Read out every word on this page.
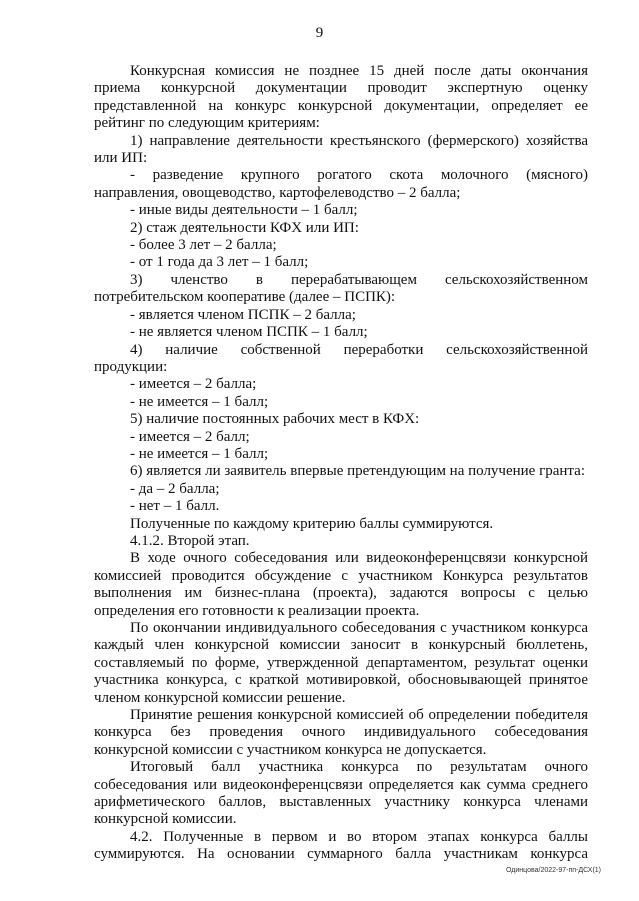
9

Конкурсная комиссия не позднее 15 дней после даты окончания приема конкурсной документации проводит экспертную оценку представленной на конкурс конкурсной документации, определяет ее рейтинг по следующим критериям:

1) направление деятельности крестьянского (фермерского) хозяйства или ИП:

- разведение крупного рогатого скота молочного (мясного) направления, овощеводство, картофелеводство – 2 балла;

- иные виды деятельности – 1 балл;

2) стаж деятельности КФХ или ИП:

- более 3 лет – 2 балла;

- от 1 года да 3 лет – 1 балл;

3) членство в перерабатывающем сельскохозяйственном потребительском кооперативе (далее – ПСПК):

- является членом ПСПК – 2 балла;

- не является членом ПСПК – 1 балл;

4) наличие собственной переработки сельскохозяйственной продукции:

- имеется – 2 балла;

- не имеется – 1 балл;

5) наличие постоянных рабочих мест в КФХ:

- имеется – 2 балл;

- не имеется – 1 балл;

6) является ли заявитель впервые претендующим на получение гранта:

- да – 2 балла;

- нет – 1 балл.

Полученные по каждому критерию баллы суммируются.

4.1.2. Второй этап.

В ходе очного собеседования или видеоконференцсвязи конкурсной комиссией проводится обсуждение с участником Конкурса результатов выполнения им бизнес-плана (проекта), задаются вопросы с целью определения его готовности к реализации проекта.

По окончании индивидуального собеседования с участником конкурса каждый член конкурсной комиссии заносит в конкурсный бюллетень, составляемый по форме, утвержденной департаментом, результат оценки участника конкурса, с краткой мотивировкой, обосновывающей принятое членом конкурсной комиссии решение.

Принятие решения конкурсной комиссией об определении победителя конкурса без проведения очного индивидуального собеседования конкурсной комиссии с участником конкурса не допускается.

Итоговый балл участника конкурса по результатам очного собеседования или видеоконференцсвязи определяется как сумма среднего арифметического баллов, выставленных участнику конкурса членами конкурсной комиссии.

4.2. Полученные в первом и во втором этапах конкурса баллы суммируются. На основании суммарного балла участникам конкурса

Одинцова/2022-97-пп-ДСХ(1)
